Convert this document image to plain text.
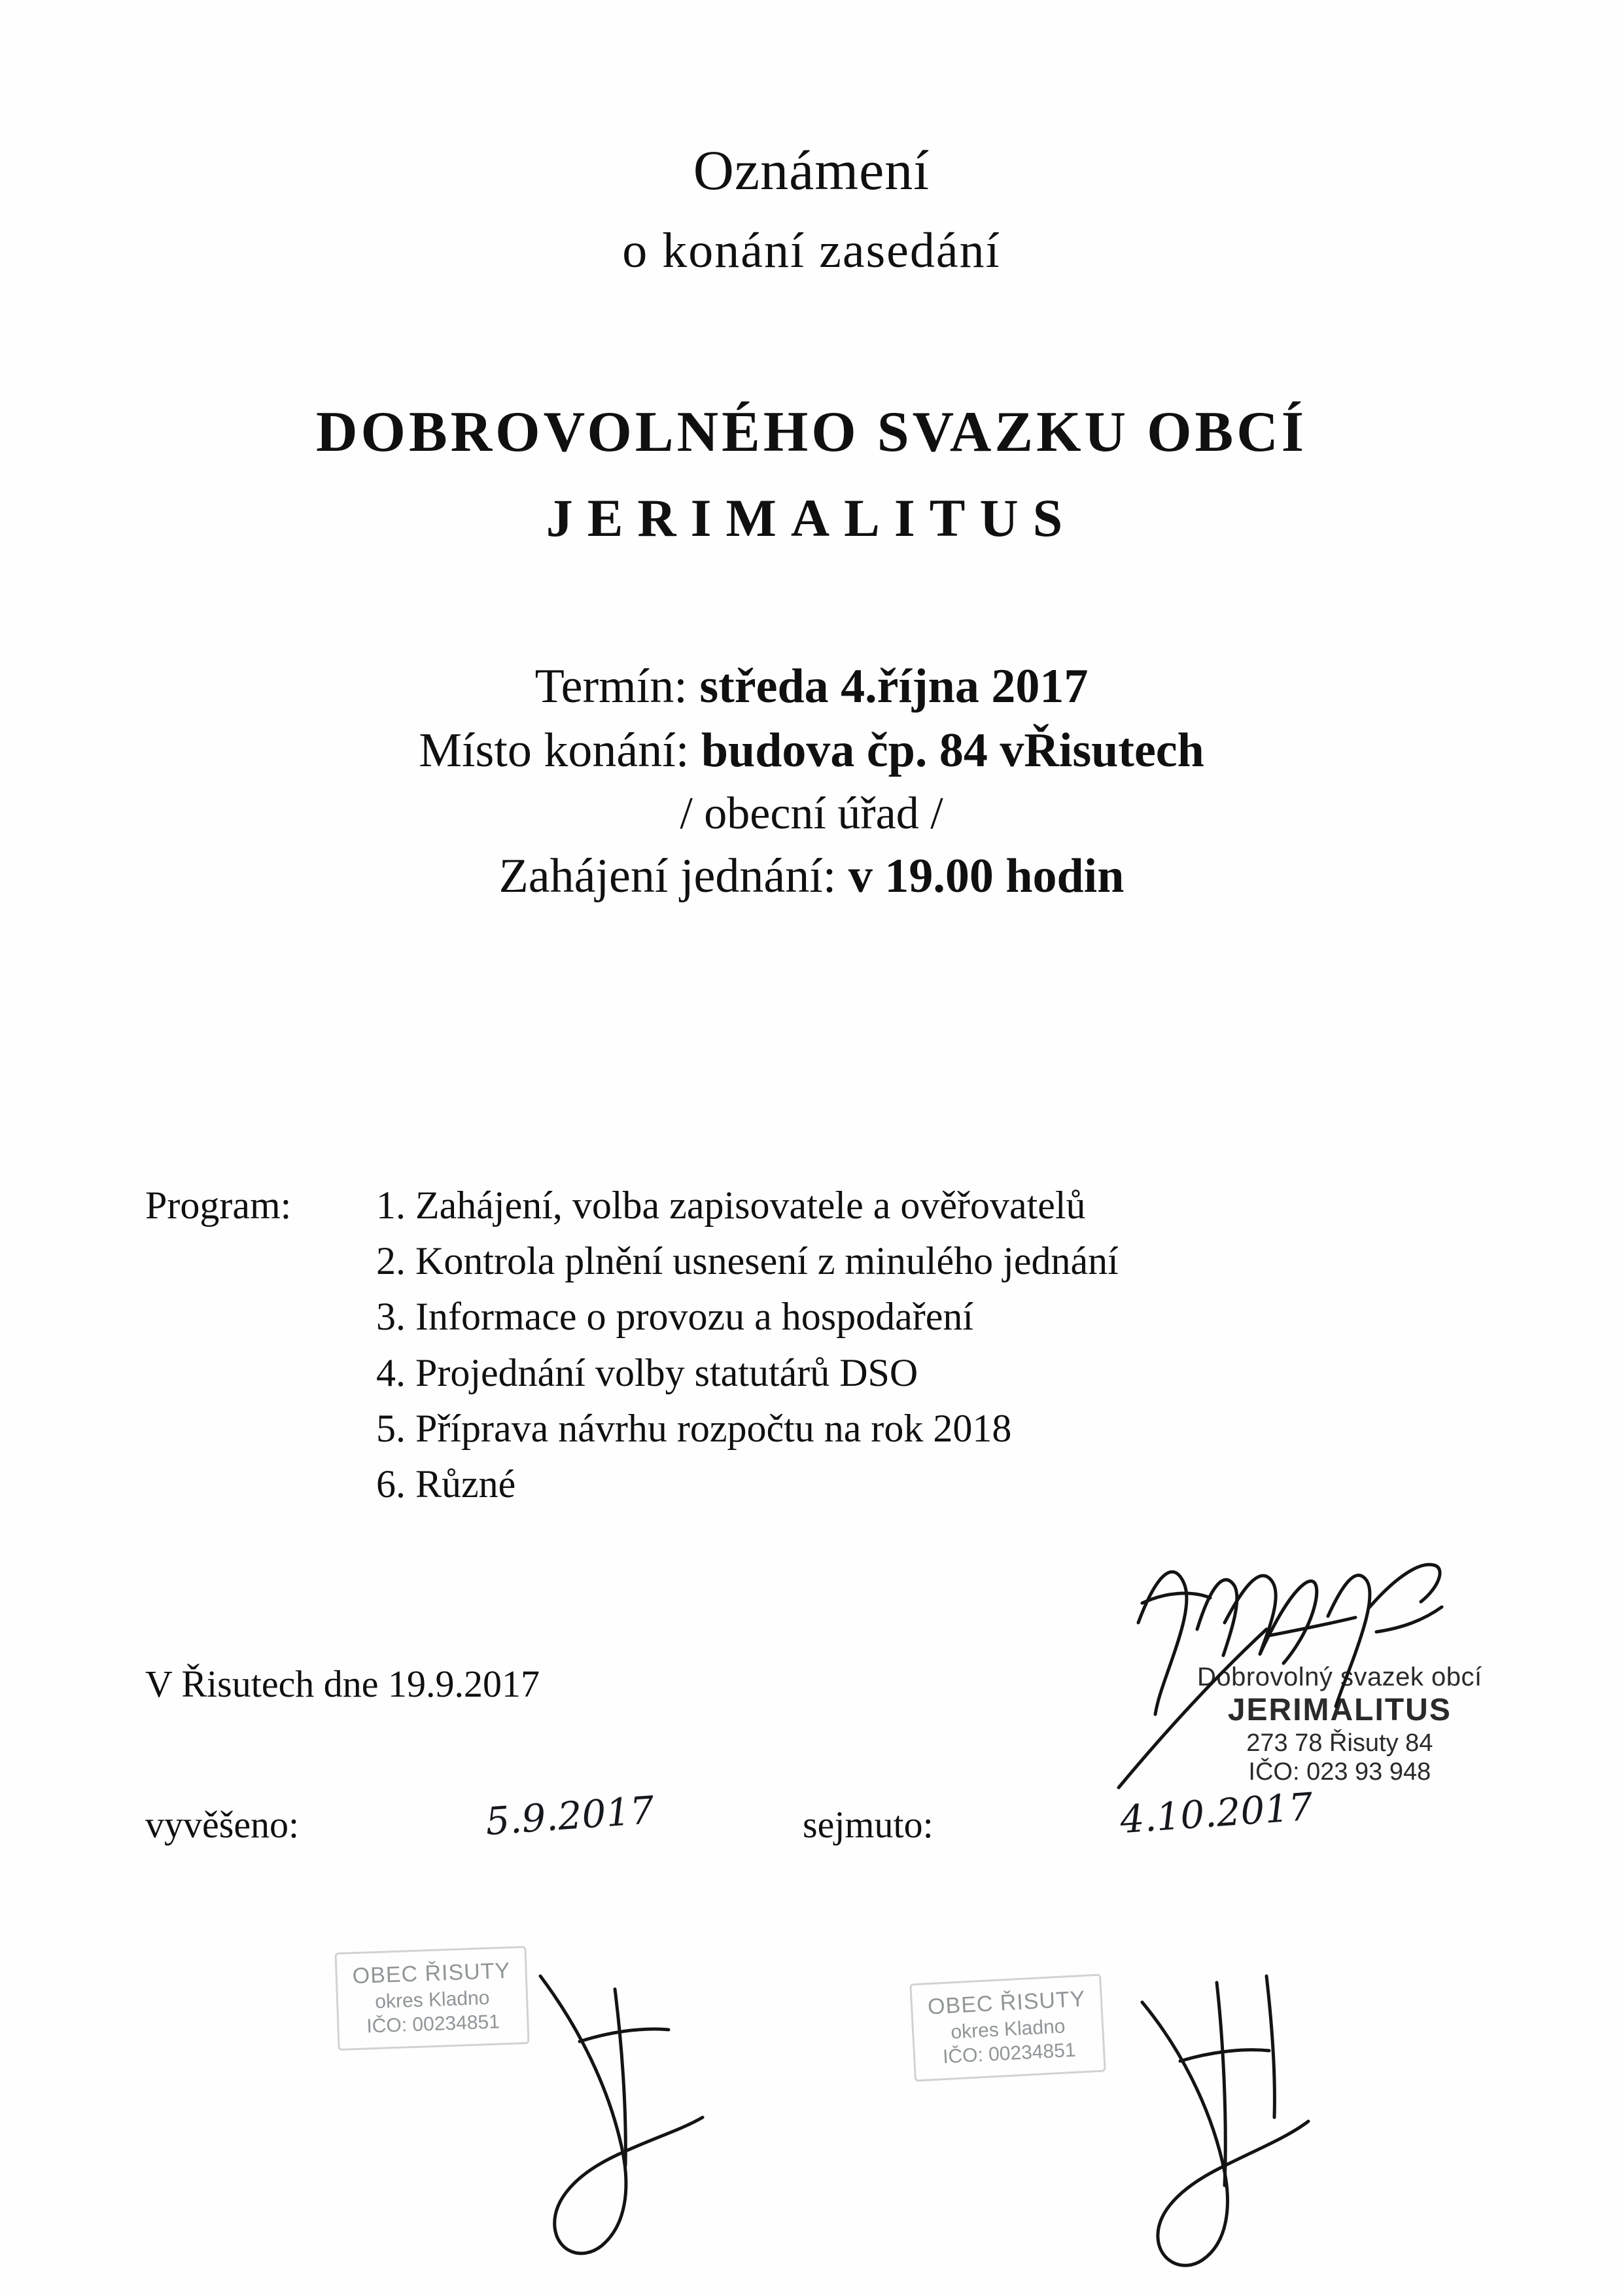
Oznámení
o konání zasedání
DOBROVOLNÉHO SVAZKU OBCÍ
JERIMALITUS
Termín: středa 4.října 2017
Místo konání: budova čp. 84 vŘisutech
/ obecní úřad /
Zahájení jednání: v 19.00 hodin
Program: 1. Zahájení, volba zapisovatele a ověřovatelů
2. Kontrola plnění usnesení z minulého jednání
3. Informace o provozu a hospodaření
4. Projednání volby statutárů DSO
5. Příprava návrhu rozpočtu na rok 2018
6. Různé
V Řisutech dne 19.9.2017
vyvěšeno:	5.9.2017	sejmuto:	4.10.2017
Dobrovolný svazek obcí
JERIMALITUS
273 78 Řisuty 84
IČO: 023 93 948
OBEC ŘISUTY
okres Kladno
IČO: 00234851
OBEC ŘISUTY
okres Kladno
IČO: 00234851
